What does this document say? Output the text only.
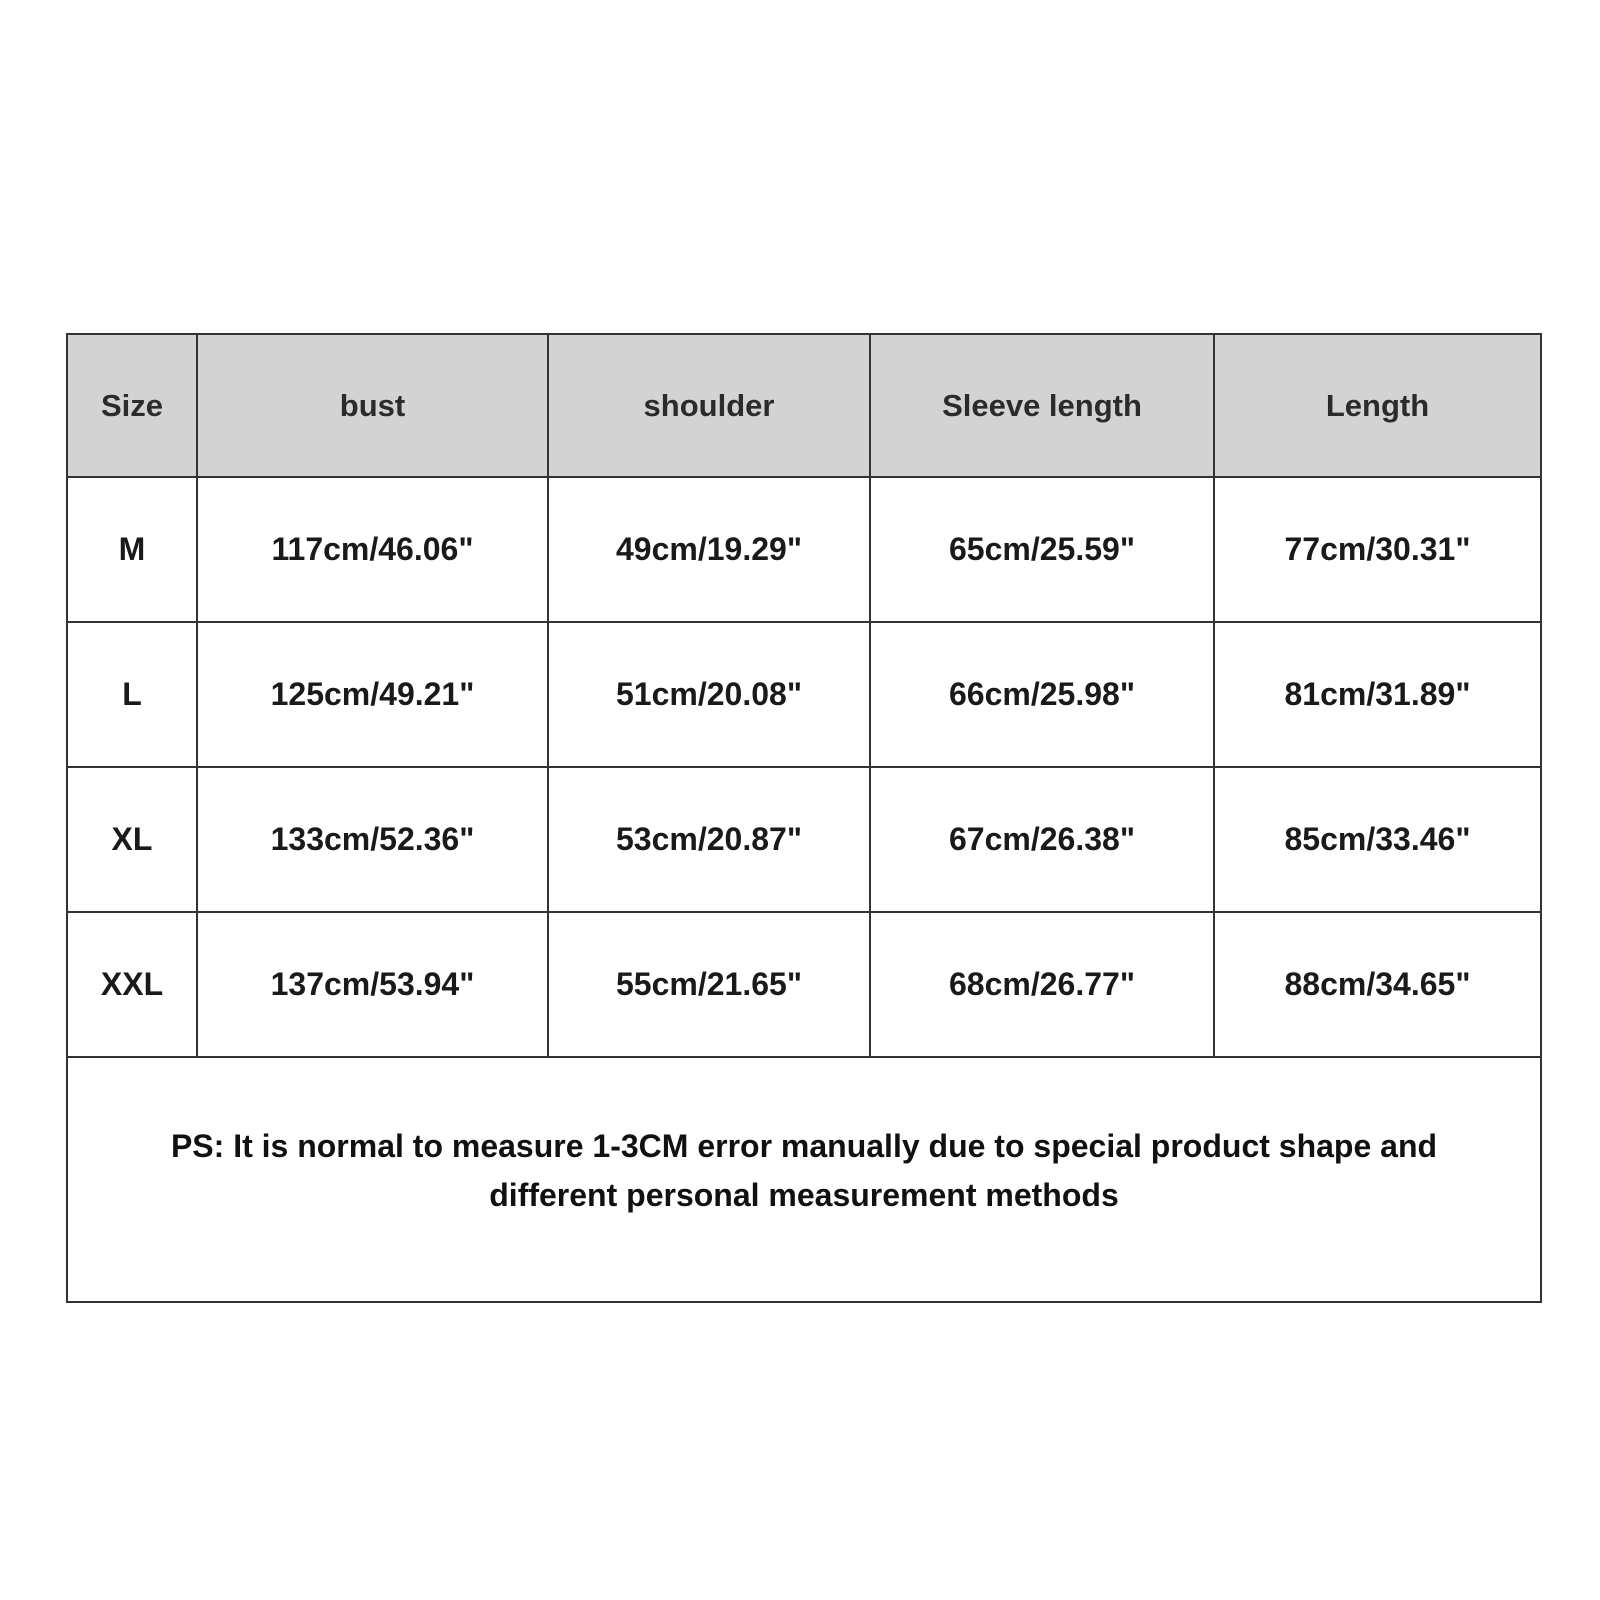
Size	bust	shoulder	Sleeve length	Length
M	117cm/46.06"	49cm/19.29"	65cm/25.59"	77cm/30.31"
L	125cm/49.21"	51cm/20.08"	66cm/25.98"	81cm/31.89"
XL	133cm/52.36"	53cm/20.87"	67cm/26.38"	85cm/33.46"
XXL	137cm/53.94"	55cm/21.65"	68cm/26.77"	88cm/34.65"

PS: It is normal to measure 1-3CM error manually due to special product shape and
different personal measurement methods				
